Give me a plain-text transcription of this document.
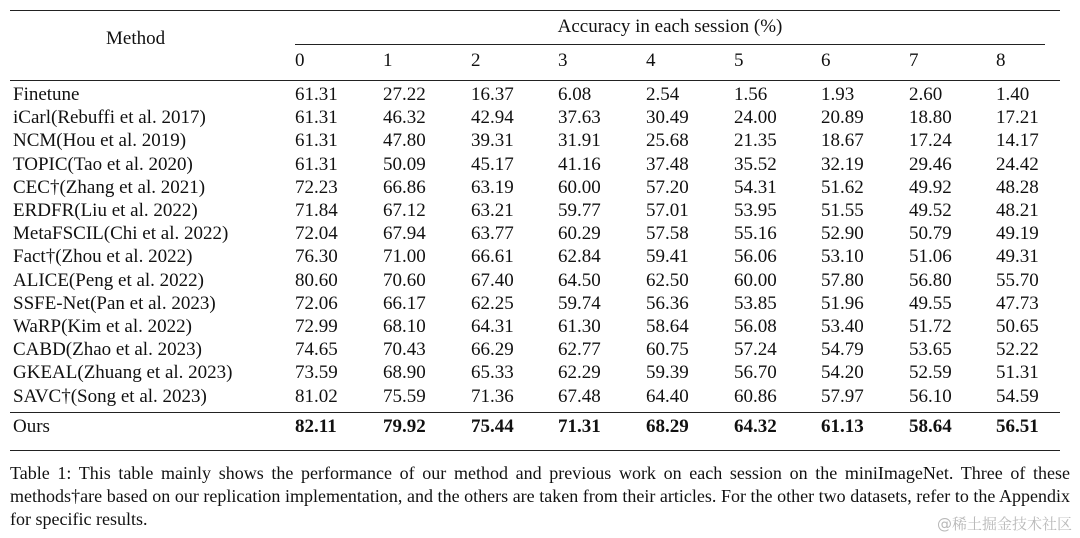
Method
Accuracy in each session (%)
0	1	2	3	4	5	6	7	8
Finetune	61.31 27.22 16.37 6.08	2.54	1.56	1.93	2.60	1.40
iCarl(Rebuffi et al. 2017)	61.31 46.32 42.94 37.63 30.49 24.00 20.89 18.80 17.21
NCM(Hou et al. 2019)	61.31 47.80 39.31 31.91 25.68 21.35 18.67 17.24 14.17
TOPIC(Tao et al. 2020)	61.31 50.09 45.17 41.16 37.48 35.52 32.19 29.46 24.42
CEC†(Zhang et al. 2021)	72.23 66.86 63.19 60.00 57.20 54.31 51.62 49.92 48.28
ERDFR(Liu et al. 2022)	71.84 67.12 63.21 59.77 57.01 53.95 51.55 49.52 48.21
MetaFSCIL(Chi et al. 2022)	72.04 67.94 63.77 60.29 57.58 55.16 52.90 50.79 49.19
Fact†(Zhou et al. 2022)	76.30 71.00 66.61 62.84 59.41 56.06 53.10 51.06 49.31
ALICE(Peng et al. 2022)	80.60 70.60 67.40 64.50 62.50 60.00 57.80 56.80 55.70
SSFE-Net(Pan et al. 2023)	72.06 66.17 62.25 59.74 56.36 53.85 51.96 49.55 47.73
WaRP(Kim et al. 2022)	72.99 68.10 64.31 61.30 58.64 56.08 53.40 51.72 50.65
CABD(Zhao et al. 2023)	74.65 70.43 66.29 62.77 60.75 57.24 54.79 53.65 52.22
GKEAL(Zhuang et al. 2023)	73.59 68.90 65.33 62.29 59.39 56.70 54.20 52.59 51.31
SAVC†(Song et al. 2023)	81.02 75.59 71.36 67.48 64.40 60.86 57.97 56.10 54.59
Ours	82.11 79.92 75.44 71.31 68.29 64.32 61.13 58.64 56.51
Table 1: This table mainly shows the performance of our method and previous work on each session on the miniImageNet. Three of these methods†are based on our replication implementation, and the others are taken from their articles. For the other two datasets, refer to the Appendix for specific results.	@稀土掘金技术社区
